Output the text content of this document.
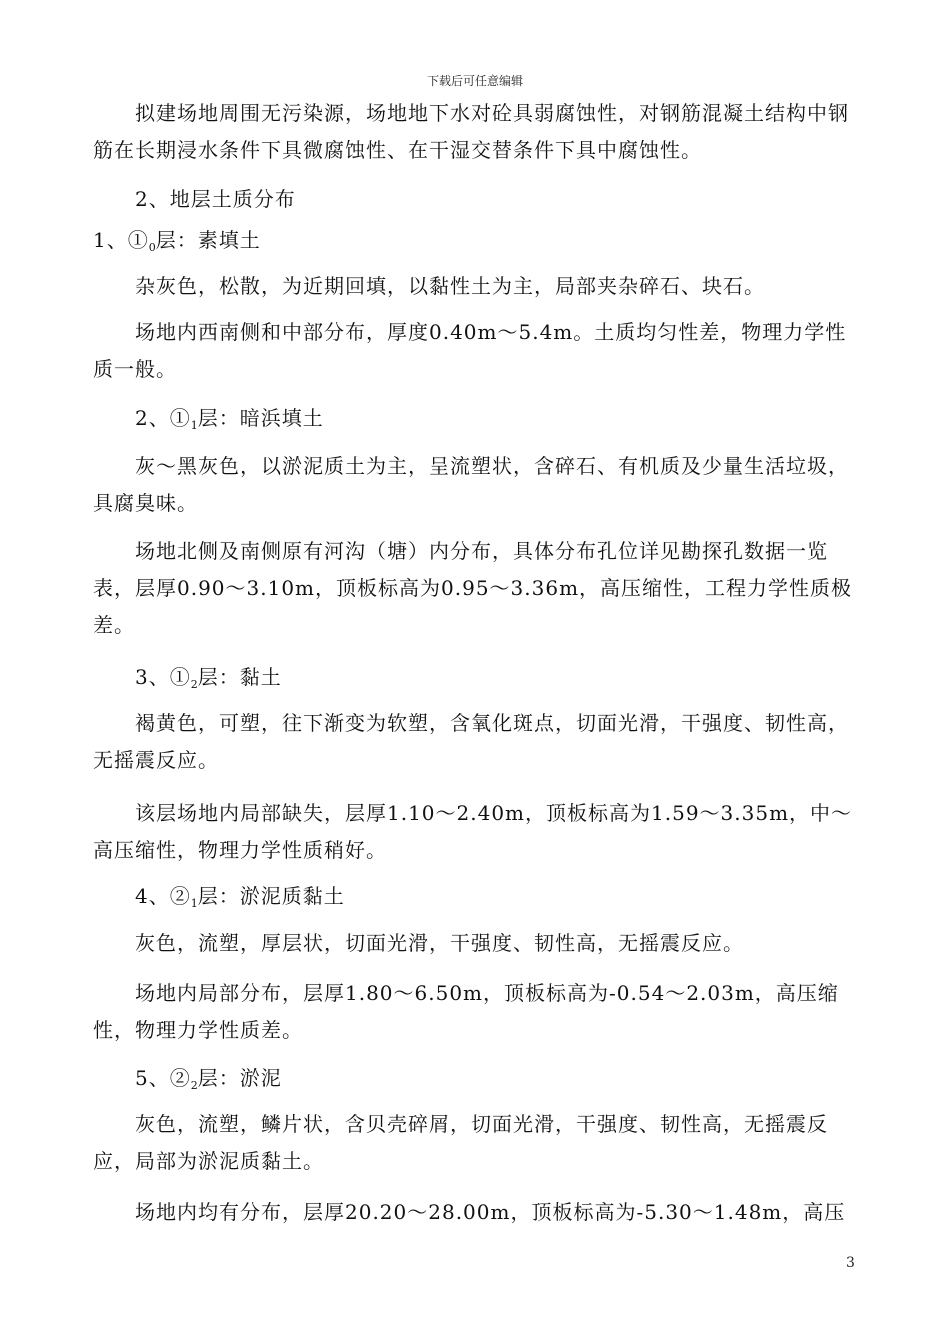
下载后可任意编辑

拟建场地周围无污染源，场地地下水对砼具弱腐蚀性，对钢筋混凝土结构中钢筋在长期浸水条件下具微腐蚀性、在干湿交替条件下具中腐蚀性。

2、地层土质分布

1、$①_0$层：素填土

杂灰色，松散，为近期回填，以黏性土为主，局部夹杂碎石、块石。

场地内西南侧和中部分布，厚度0.40m～5.4m。土质均匀性差，物理力学性质一般。

2、$①_1$层：暗浜填土

灰～黑灰色，以淤泥质土为主，呈流塑状，含碎石、有机质及少量生活垃圾，具腐臭味。

场地北侧及南侧原有河沟（塘）内分布，具体分布孔位详见勘探孔数据一览表，层厚0.90～3.10m，顶板标高为0.95～3.36m，高压缩性，工程力学性质极差。

3、$①_2$层：黏土

褐黄色，可塑，往下渐变为软塑，含氧化斑点，切面光滑，干强度、韧性高，无摇震反应。

该层场地内局部缺失，层厚1.10～2.40m，顶板标高为1.59～3.35m，中～高压缩性，物理力学性质稍好。

4、$②_1$层：淤泥质黏土

灰色，流塑，厚层状，切面光滑，干强度、韧性高，无摇震反应。

场地内局部分布，层厚1.80～6.50m，顶板标高为-0.54～2.03m，高压缩性，物理力学性质差。

5、$②_2$层：淤泥

灰色，流塑，鳞片状，含贝壳碎屑，切面光滑，干强度、韧性高，无摇震反应，局部为淤泥质黏土。

场地内均有分布，层厚20.20～28.00m，顶板标高为-5.30～1.48m，高压

3
